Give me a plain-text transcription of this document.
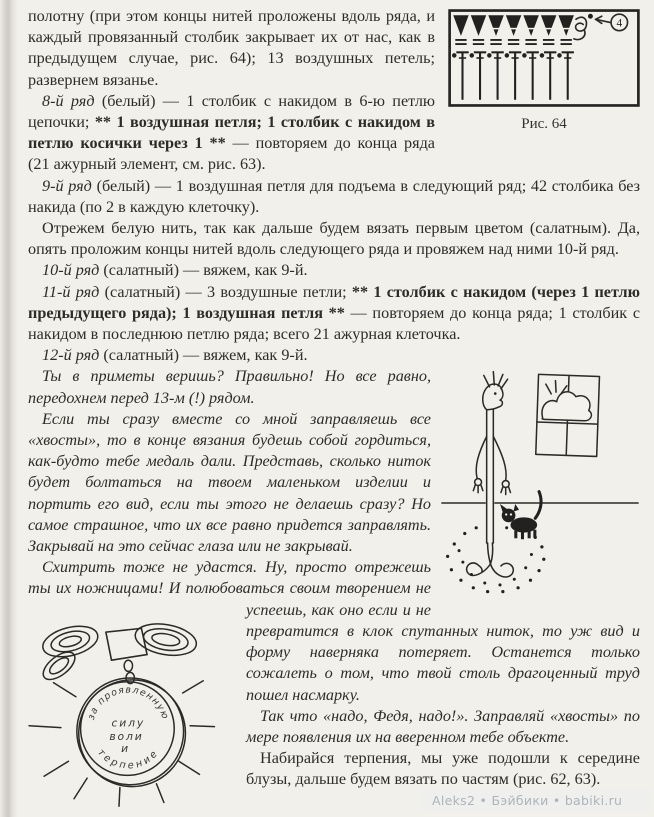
4
Рис. 64

полотну (при этом концы нитей проложены вдоль ряда, и каждый провязанный столбик закрывает их от нас, как в предыдущем случае, рис. 64); 13 воздушных петель; развернем вязанье.

8-й ряд (белый) — 1 столбик с накидом в 6-ю петлю цепочки; ** 1 воздушная петля; 1 столбик с накидом в петлю косички через 1 ** — повторяем до конца ряда (21 ажурный элемент, см. рис. 63).

9-й ряд (белый) — 1 воздушная петля для подъема в следующий ряд; 42 столбика без накида (по 2 в каждую клеточку).

Отрежем белую нить, так как дальше будем вязать первым цветом (салатным). Да, опять проложим концы нитей вдоль следующего ряда и провяжем над ними 10-й ряд.

10-й ряд (салатный) — вяжем, как 9-й.

11-й ряд (салатный) — 3 воздушные петли; ** 1 столбик с накидом (через 1 петлю предыдущего ряда); 1 воздушная петля ** — повторяем до конца ряда; 1 столбик с накидом в последнюю петлю ряда; всего 21 ажурная клеточка.

12-й ряд (салатный) — вяжем, как 9-й.

Ты в приметы веришь? Правильно! Но все равно, передохнем перед 13-м (!) рядом.

Если ты сразу вместе со мной заправляешь все «хвосты», то в конце вязания будешь собой гордиться, как-будто тебе медаль дали. Представь, сколько ниток будет болтаться на твоем маленьком изделии и портить его вид, если ты этого не делаешь сразу? Но самое страшное, что их все равно придется заправлять. Закрывай на это сейчас глаза или не закрывай.

Схитрить тоже не удастся. Ну, просто отрежешь ты их ножницами! И полюбоваться своим
за проявленную
силу
воли
и
терпение
творением не успеешь, как оно если и не превратится в клок спутанных ниток, то уж вид и форму наверняка потеряет. Останется только сожалеть о том, что твой столь драгоценный труд пошел насмарку.

Так что «надо, Федя, надо!». Заправляй «хвосты» по мере появления их на вверенном тебе объекте.

Набирайся терпения, мы уже подошли к середине блузы, дальше будем вязать по частям (рис. 62, 63).

Aleks2 • Бэйбики • babiki.ru
